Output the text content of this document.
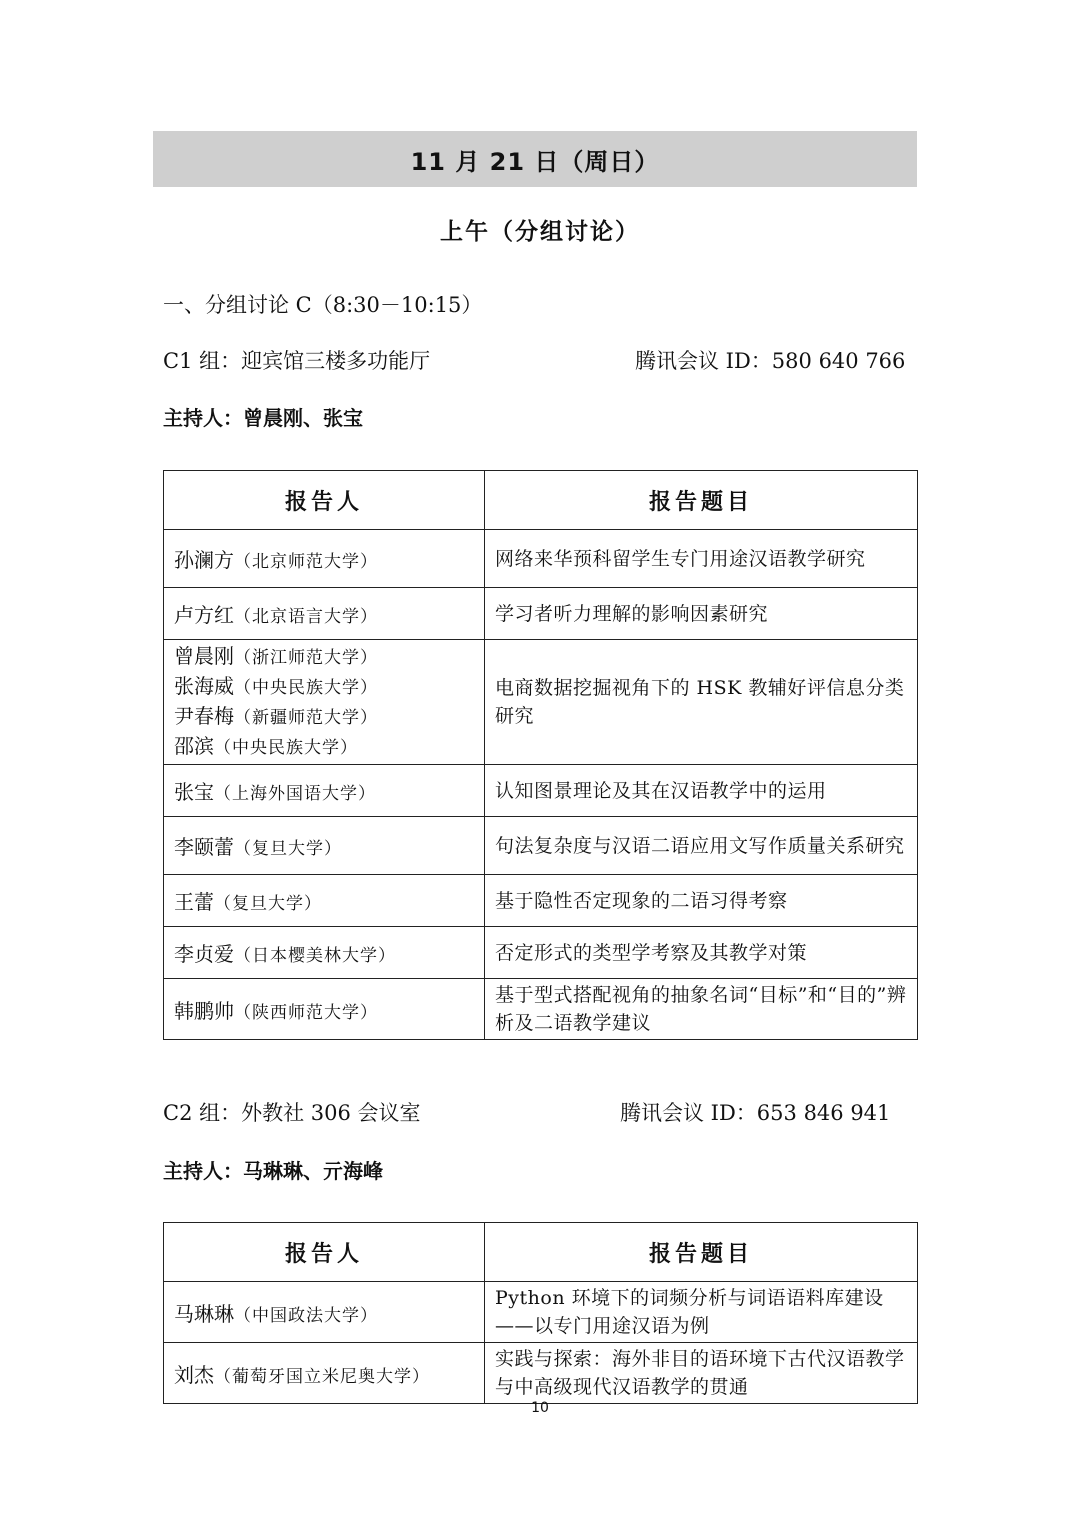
11 月 21 日（周日）
上午（分组讨论）
一、分组讨论 C（8:30－10:15）
C1 组：迎宾馆三楼多功能厅	腾讯会议 ID：580 640 766
主持人：曾晨刚、张宝
报告人	报告题目
孙澜方（北京师范大学）	网络来华预科留学生专门用途汉语教学研究
卢方红（北京语言大学）	学习者听力理解的影响因素研究

曾晨刚（浙江师范大学）
张海威（中央民族大学）
尹春梅（新疆师范大学）
邵滨（中央民族大学）	电商数据挖掘视角下的 HSK 教辅好评信息分类研究
张宝（上海外国语大学）	认知图景理论及其在汉语教学中的运用
李颐蕾（复旦大学）	句法复杂度与汉语二语应用文写作质量关系研究
王蕾（复旦大学）	基于隐性否定现象的二语习得考察
李贞爱（日本樱美林大学）	否定形式的类型学考察及其教学对策
韩鹏帅（陕西师范大学）	基于型式搭配视角的抽象名词“目标”和“目的”辨析及二语教学建议
C2 组：外教社 306 会议室	腾讯会议 ID：653 846 941
主持人：马琳琳、亓海峰
报告人	报告题目
马琳琳（中国政法大学）	Python 环境下的词频分析与词语语料库建设——以专门用途汉语为例
刘杰（葡萄牙国立米尼奥大学）	实践与探索：海外非目的语环境下古代汉语教学与中高级现代汉语教学的贯通
10
